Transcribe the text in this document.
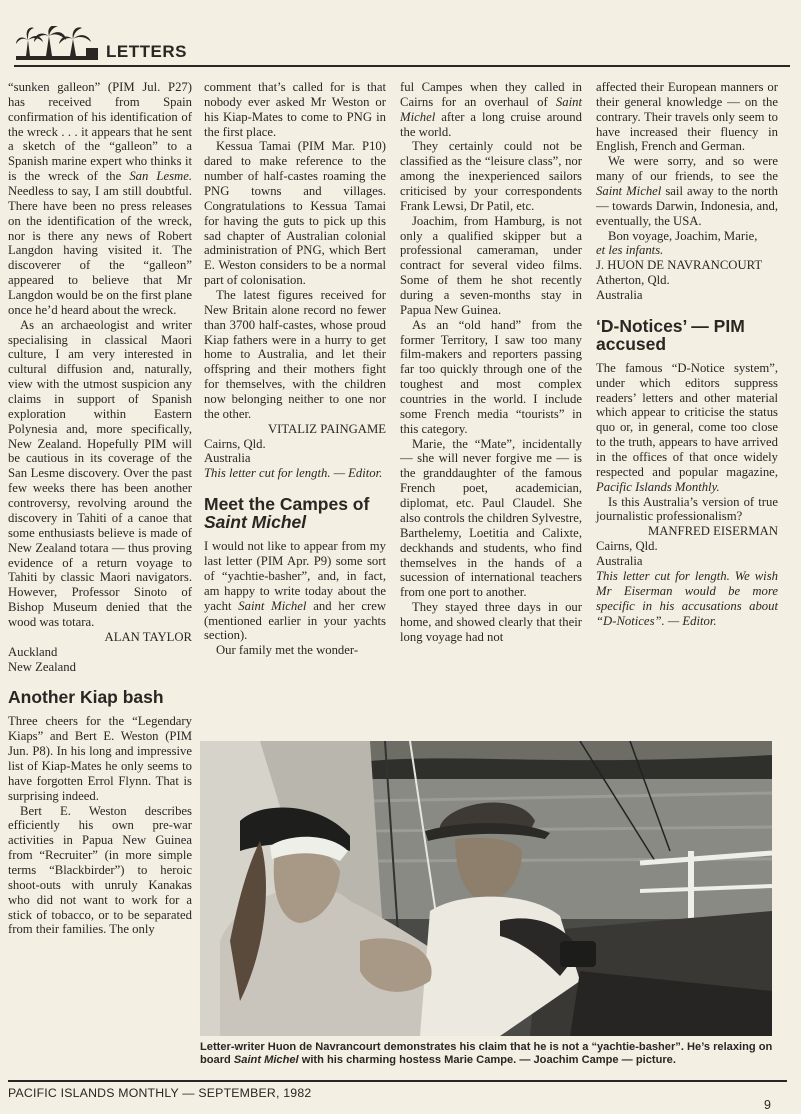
LETTERS

“sunken galleon” (PIM Jul. P27) has received from Spain confirmation of his identification of the wreck . . . it appears that he sent a sketch of the “galleon” to a Spanish marine expert who thinks it is the wreck of the San Lesme. Needless to say, I am still doubtful. There have been no press releases on the identification of the wreck, nor is there any news of Robert Langdon having visited it. The discoverer of the “galleon” appeared to believe that Mr Langdon would be on the first plane once he’d heard about the wreck.

As an archaeologist and writer specialising in classical Maori culture, I am very interested in cultural diffusion and, naturally, view with the utmost suspicion any claims in support of Spanish exploration within Eastern Polynesia and, more specifically, New Zealand. Hopefully PIM will be cautious in its coverage of the San Lesme discovery. Over the past few weeks there has been another controversy, revolving around the discovery in Tahiti of a canoe that some enthusiasts believe is made of New Zealand totara — thus proving evidence of a return voyage to Tahiti by classic Maori navigators. However, Professor Sinoto of Bishop Museum denied that the wood was totara.

ALAN TAYLOR

Auckland

New Zealand

Another Kiap bash

Three cheers for the “Legendary Kiaps” and Bert E. Weston (PIM Jun. P8). In his long and impressive list of Kiap-Mates he only seems to have forgotten Errol Flynn. That is surprising indeed.

Bert E. Weston describes efficiently his own pre-war activities in Papua New Guinea from “Recruiter” (in more simple terms “Blackbirder”) to heroic shoot-outs with unruly Kanakas who did not want to work for a stick of tobacco, or to be separated from their families. The only

comment that’s called for is that nobody ever asked Mr Weston or his Kiap-Mates to come to PNG in the first place.

Kessua Tamai (PIM Mar. P10) dared to make reference to the number of half-castes roaming the PNG towns and villages. Congratulations to Kessua Tamai for having the guts to pick up this sad chapter of Australian colonial administration of PNG, which Bert E. Weston considers to be a normal part of colonisation.

The latest figures received for New Britain alone record no fewer than 3700 half-castes, whose proud Kiap fathers were in a hurry to get home to Australia, and let their offspring and their mothers fight for themselves, with the children now belonging neither to one nor the other.

VITALIZ PAINGAME

Cairns, Qld.

Australia

This letter cut for length. — Editor.

Meet the Campes of Saint Michel

I would not like to appear from my last letter (PIM Apr. P9) some sort of “yachtie-basher”, and, in fact, am happy to write today about the yacht Saint Michel and her crew (mentioned earlier in your yachts section).

Our family met the wonder-

ful Campes when they called in Cairns for an overhaul of Saint Michel after a long cruise around the world.

They certainly could not be classified as the “leisure class”, nor among the inexperienced sailors criticised by your correspondents Frank Lewsi, Dr Patil, etc.

Joachim, from Hamburg, is not only a qualified skipper but a professional cameraman, under contract for several video films. Some of them he shot recently during a seven-months stay in Papua New Guinea.

As an “old hand” from the former Territory, I saw too many film-makers and reporters passing far too quickly through one of the toughest and most complex countries in the world. I include some French media “tourists” in this category.

Marie, the “Mate”, incidentally — she will never forgive me — is the granddaughter of the famous French poet, academician, diplomat, etc. Paul Claudel. She also controls the children Sylvestre, Barthelemy, Loetitia and Calixte, deckhands and students, who find themselves in the hands of a sucession of international teachers from one port to another.

They stayed three days in our home, and showed clearly that their long voyage had not

affected their European manners or their general knowledge — on the contrary. Their travels only seem to have increased their fluency in English, French and German.

We were sorry, and so were many of our friends, to see the Saint Michel sail away to the north — towards Darwin, Indonesia, and, eventually, the USA.

Bon voyage, Joachim, Marie,

et les infants.

J. HUON DE NAVRANCOURT

Atherton, Qld.

Australia

‘D-Notices’ — PIM accused

The famous “D-Notice system”, under which editors suppress readers’ letters and other material which appear to criticise the status quo or, in general, come too close to the truth, appears to have arrived in the offices of that once widely respected and popular magazine, Pacific Islands Monthly.

Is this Australia’s version of true journalistic professionalism?

MANFRED EISERMAN

Cairns, Qld.

Australia

This letter cut for length. We wish Mr Eiserman would be more specific in his accusations about “D-Notices”. — Editor.

Letter-writer Huon de Navrancourt demonstrates his claim that he is not a “yachtie-basher”. He’s relaxing on board Saint Michel with his charming hostess Marie Campe. — Joachim Campe — picture.
PACIFIC ISLANDS MONTHLY — SEPTEMBER, 1982
9
